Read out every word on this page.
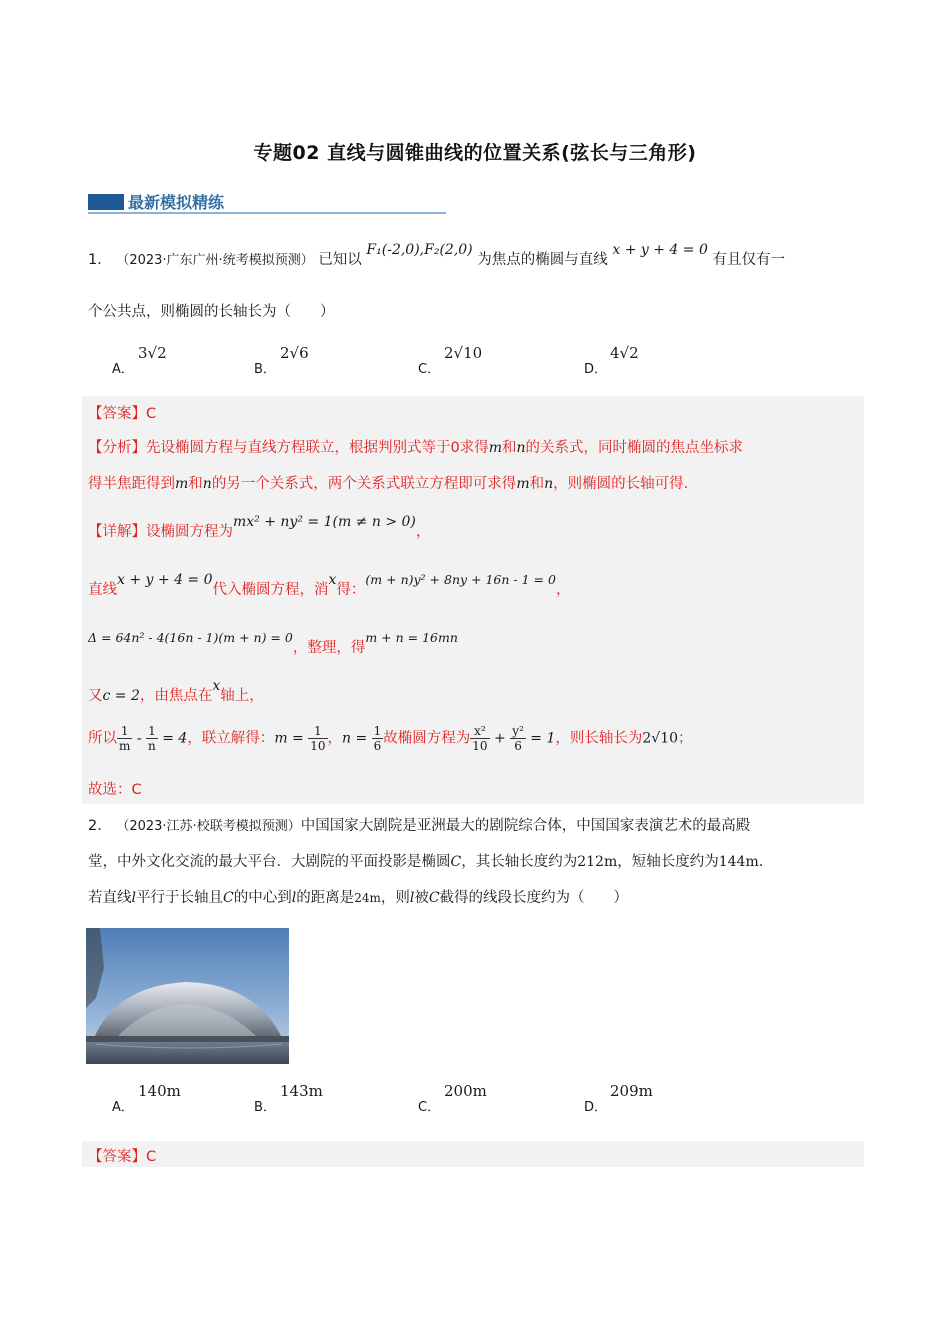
专题02 直线与圆锥曲线的位置关系(弦长与三角形)
最新模拟精练
1． （2023·广东广州·统考模拟预测） 已知以 F₁(-2,0),F₂(2,0) 为焦点的椭圆与直线 x + y + 4 = 0 有且仅有一
个公共点，则椭圆的长轴长为（　　）
A．
3√2
B．
2√6
C．
2√10
D．
4√2
【答案】C
【分析】先设椭圆方程与直线方程联立，根据判别式等于0求得m和n的关系式，同时椭圆的焦点坐标求
得半焦距得到m和n的另一个关系式，两个关系式联立方程即可求得m和n，则椭圆的长轴可得.
【详解】设椭圆方程为mx² + ny² = 1(m ≠ n > 0)，
直线x + y + 4 = 0代入椭圆方程，消x得：(m + n)y² + 8ny + 16n - 1 = 0，
Δ = 64n² - 4(16n - 1)(m + n) = 0，整理，得m + n = 16mn
又c = 2，由焦点在x轴上，
所以 $\frac{1}{m} - \frac{1}{n} = 4$，联立解得：$m = \frac{1}{10}$ ，$n = \frac{1}{6}$ 故椭圆方程为 $\frac{\text{x²}}{10} + \frac{\text{y²}}{6} = 1$，则长轴长为2√10；
故选：C
2． （2023·江苏·校联考模拟预测）中国国家大剧院是亚洲最大的剧院综合体，中国国家表演艺术的最高殿
堂，中外文化交流的最大平台．大剧院的平面投影是椭圆C，其长轴长度约为212m，短轴长度约为144m.
若直线l平行于长轴且C的中心到l的距离是24m，则l被C截得的线段长度约为（　　）
A．
140m
B．
143m
C．
200m
D．
209m
【答案】C
